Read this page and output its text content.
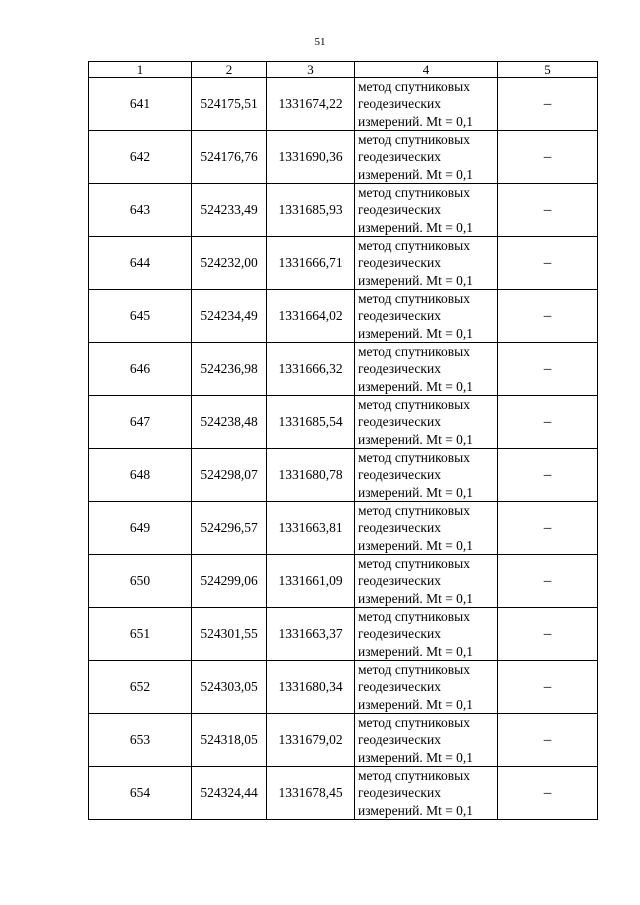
51
1	2	3	4	5
641	524175,51	1331674,22	метод спутниковых
геодезических
измерений. Mt = 0,1	–
642	524176,76	1331690,36	метод спутниковых
геодезических
измерений. Mt = 0,1	–
643	524233,49	1331685,93	метод спутниковых
геодезических
измерений. Mt = 0,1	–
644	524232,00	1331666,71	метод спутниковых
геодезических
измерений. Mt = 0,1	–
645	524234,49	1331664,02	метод спутниковых
геодезических
измерений. Mt = 0,1	–
646	524236,98	1331666,32	метод спутниковых
геодезических
измерений. Mt = 0,1	–
647	524238,48	1331685,54	метод спутниковых
геодезических
измерений. Mt = 0,1	–
648	524298,07	1331680,78	метод спутниковых
геодезических
измерений. Mt = 0,1	–
649	524296,57	1331663,81	метод спутниковых
геодезических
измерений. Mt = 0,1	–
650	524299,06	1331661,09	метод спутниковых
геодезических
измерений. Mt = 0,1	–
651	524301,55	1331663,37	метод спутниковых
геодезических
измерений. Mt = 0,1	–
652	524303,05	1331680,34	метод спутниковых
геодезических
измерений. Mt = 0,1	–
653	524318,05	1331679,02	метод спутниковых
геодезических
измерений. Mt = 0,1	–
654	524324,44	1331678,45	метод спутниковых
геодезических
измерений. Mt = 0,1	–
